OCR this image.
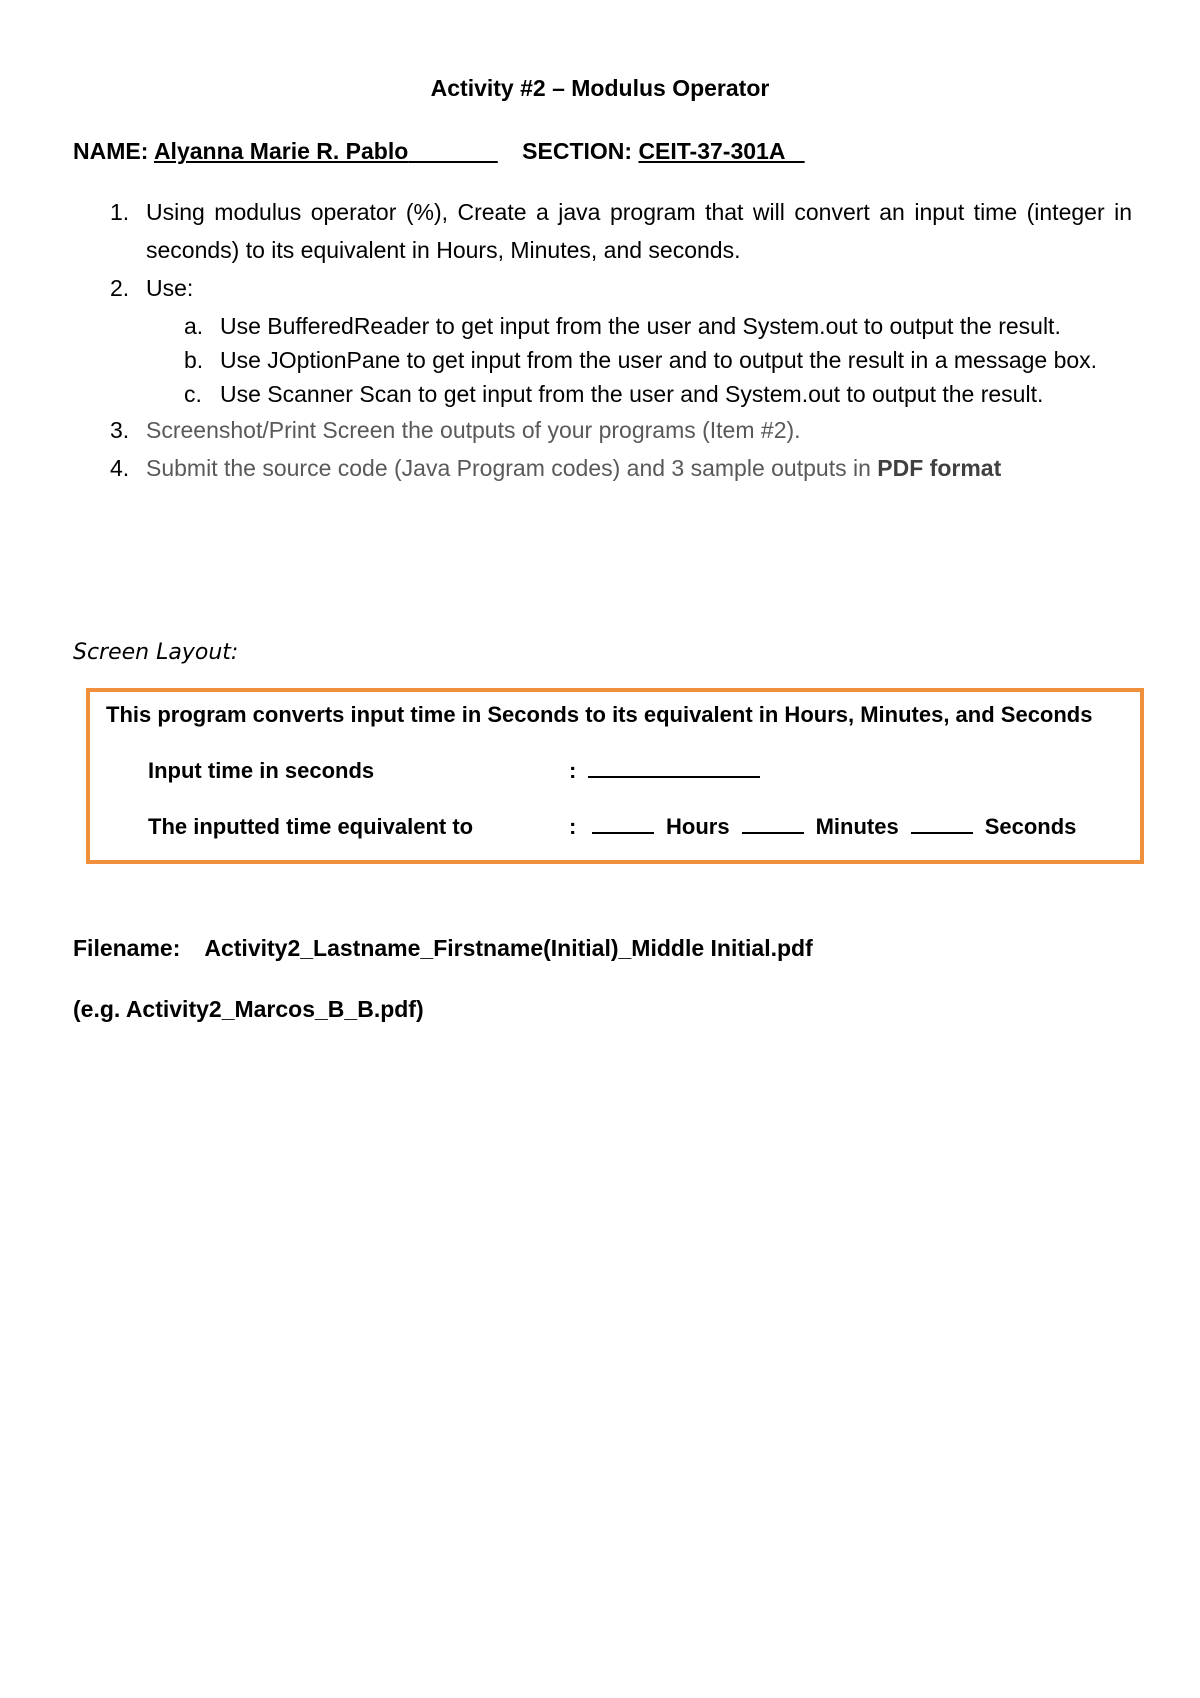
Activity #2 – Modulus Operator
NAME: Alyanna Marie R. Pablo	SECTION: CEIT-37-301A
1. Using modulus operator (%), Create a java program that will convert an input time (integer in seconds) to its equivalent in Hours, Minutes, and seconds.
2. Use:
a. Use BufferedReader to get input from the user and System.out to output the result.
b. Use JOptionPane to get input from the user and to output the result in a message box.
c. Use Scanner Scan to get input from the user and System.out to output the result.
3. Screenshot/Print Screen the outputs of your programs (Item #2).
4. Submit the source code (Java Program codes) and 3 sample outputs in PDF format
Screen Layout:
This program converts input time in Seconds to its equivalent in Hours, Minutes, and Seconds
Input time in seconds	:
The inputted time equivalent to	:	Hours	Minutes	Seconds
Filename: Activity2_Lastname_Firstname(Initial)_Middle Initial.pdf
(e.g. Activity2_Marcos_B_B.pdf)
